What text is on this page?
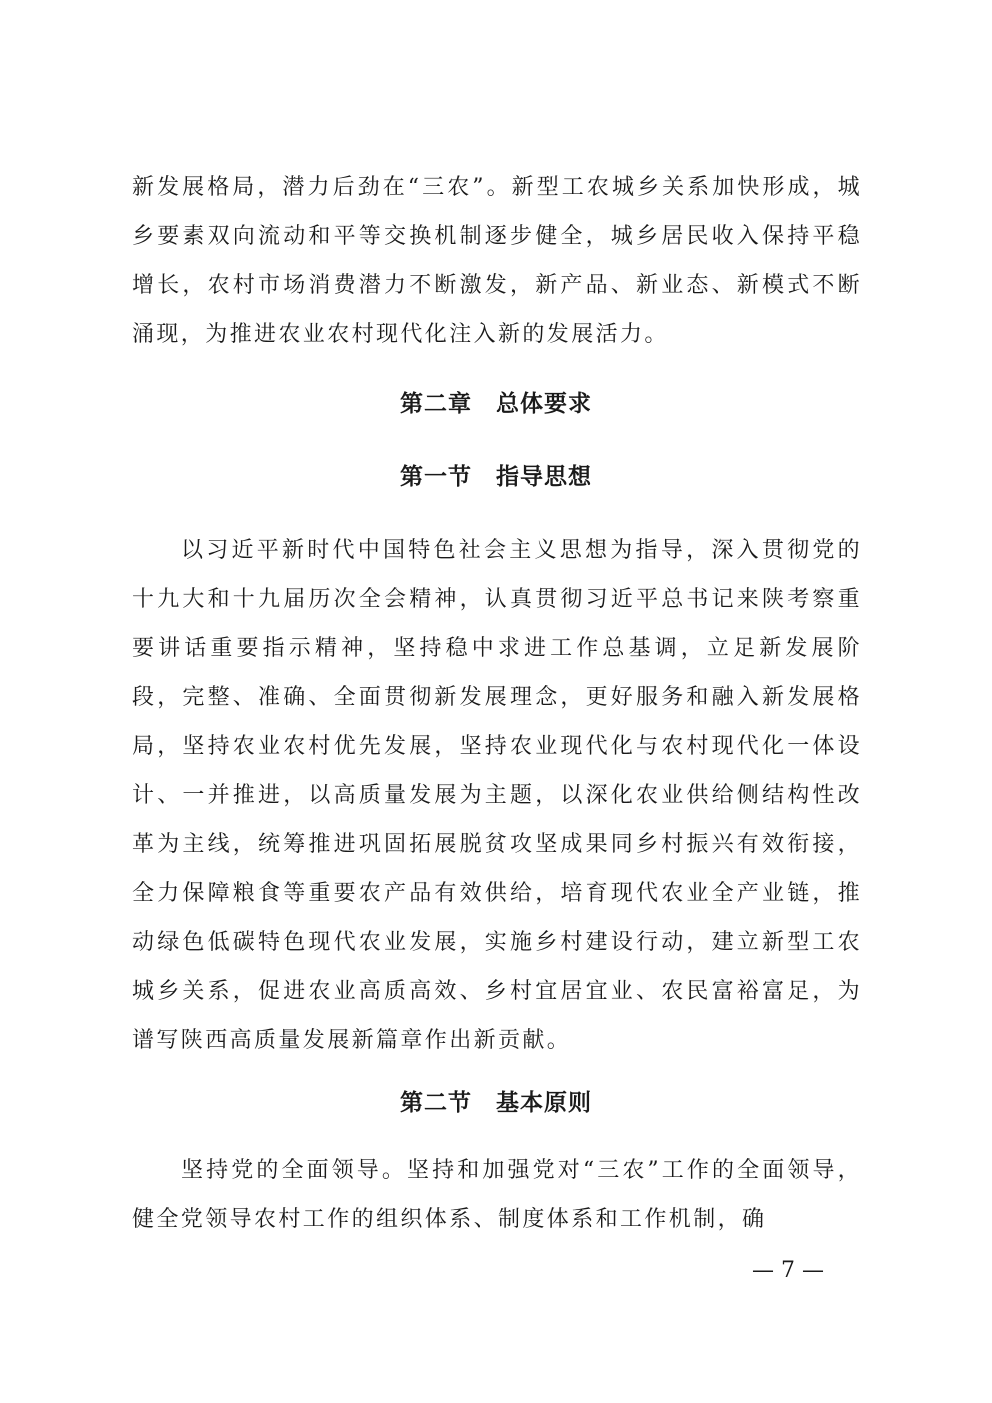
新发展格局，潜力后劲在“三农”。新型工农城乡关系加快形成，城乡要素双向流动和平等交换机制逐步健全，城乡居民收入保持平稳增长，农村市场消费潜力不断激发，新产品、新业态、新模式不断涌现，为推进农业农村现代化注入新的发展活力。

第二章　总体要求
第一节　指导思想

以习近平新时代中国特色社会主义思想为指导，深入贯彻党的十九大和十九届历次全会精神，认真贯彻习近平总书记来陕考察重要讲话重要指示精神，坚持稳中求进工作总基调，立足新发展阶段，完整、准确、全面贯彻新发展理念，更好服务和融入新发展格局，坚持农业农村优先发展，坚持农业现代化与农村现代化一体设计、一并推进，以高质量发展为主题，以深化农业供给侧结构性改革为主线，统筹推进巩固拓展脱贫攻坚成果同乡村振兴有效衔接，全力保障粮食等重要农产品有效供给，培育现代农业全产业链，推动绿色低碳特色现代农业发展，实施乡村建设行动，建立新型工农城乡关系，促进农业高质高效、乡村宜居宜业、农民富裕富足，为谱写陕西高质量发展新篇章作出新贡献。

第二节　基本原则

坚持党的全面领导。坚持和加强党对“三农”工作的全面领导，健全党领导农村工作的组织体系、制度体系和工作机制，确

— 7 —
